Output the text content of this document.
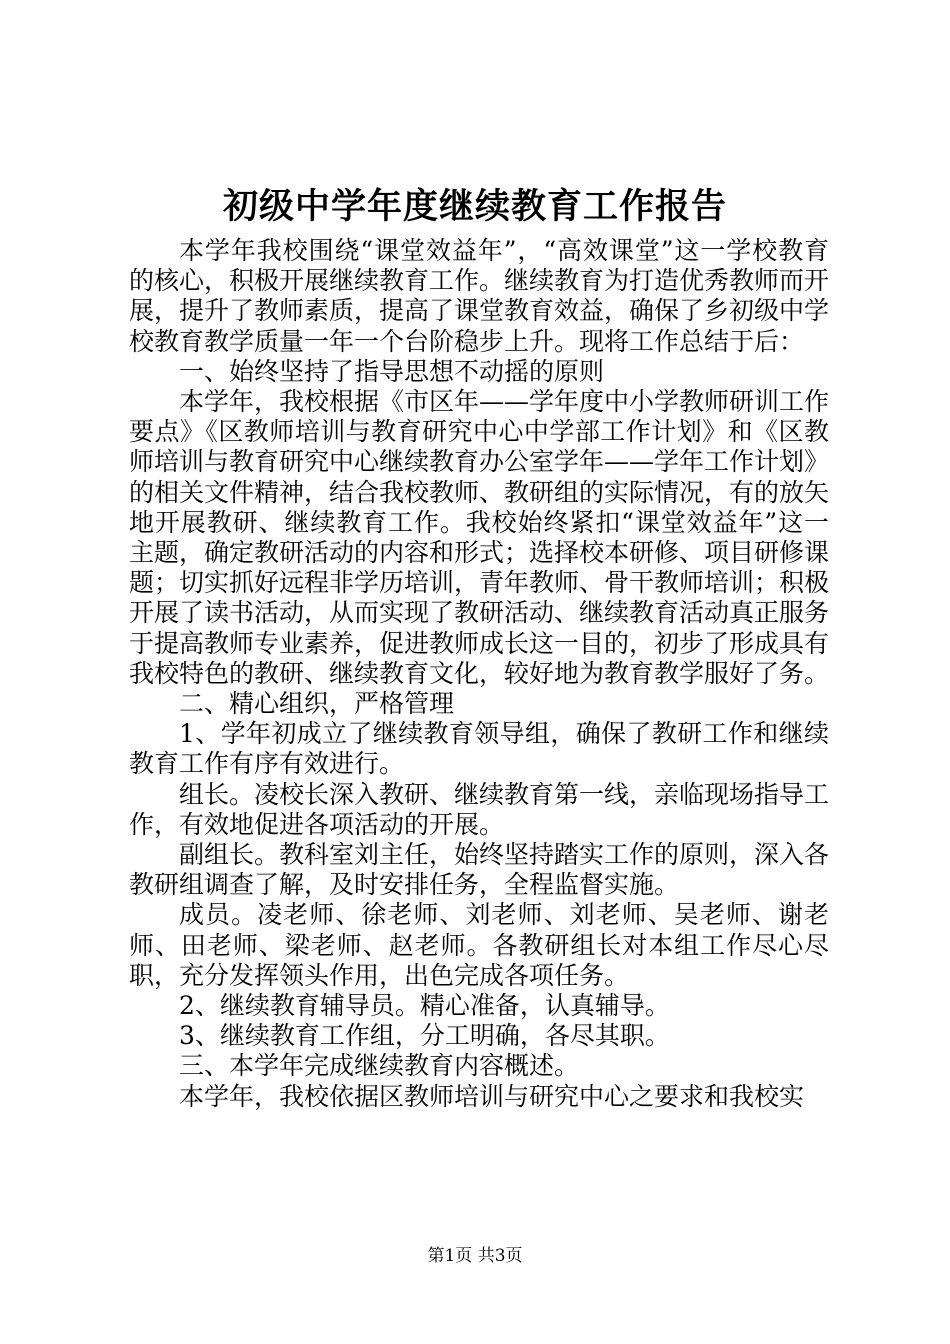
初级中学年度继续教育工作报告

本学年我校围绕“课堂效益年”，“高效课堂”这一学校教育的核心，积极开展继续教育工作。继续教育为打造优秀教师而开展，提升了教师素质，提高了课堂教育效益，确保了乡初级中学校教育教学质量一年一个台阶稳步上升。现将工作总结于后：

一、始终坚持了指导思想不动摇的原则

本学年，我校根据《市区年——学年度中小学教师研训工作要点》《区教师培训与教育研究中心中学部工作计划》和《区教师培训与教育研究中心继续教育办公室学年——学年工作计划》的相关文件精神，结合我校教师、教研组的实际情况，有的放矢地开展教研、继续教育工作。我校始终紧扣“课堂效益年”这一主题，确定教研活动的内容和形式；选择校本研修、项目研修课题；切实抓好远程非学历培训，青年教师、骨干教师培训；积极开展了读书活动，从而实现了教研活动、继续教育活动真正服务于提高教师专业素养，促进教师成长这一目的，初步了形成具有我校特色的教研、继续教育文化，较好地为教育教学服好了务。

二、精心组织，严格管理

1、学年初成立了继续教育领导组，确保了教研工作和继续教育工作有序有效进行。

组长。凌校长深入教研、继续教育第一线，亲临现场指导工作，有效地促进各项活动的开展。

副组长。教科室刘主任，始终坚持踏实工作的原则，深入各教研组调查了解，及时安排任务，全程监督实施。

成员。凌老师、徐老师、刘老师、刘老师、吴老师、谢老师、田老师、梁老师、赵老师。各教研组长对本组工作尽心尽职，充分发挥领头作用，出色完成各项任务。

2、继续教育辅导员。精心准备，认真辅导。

3、继续教育工作组，分工明确，各尽其职。

三、本学年完成继续教育内容概述。

本学年，我校依据区教师培训与研究中心之要求和我校实

第1页 共3页
